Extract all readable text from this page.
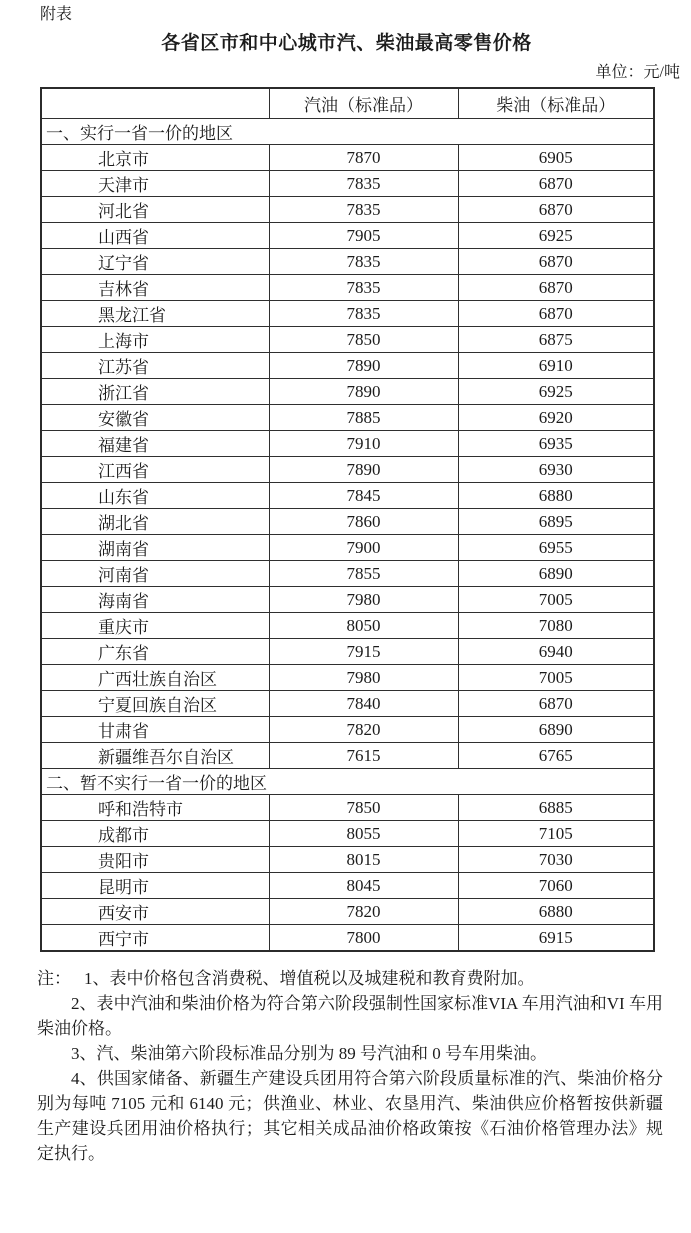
附表
各省区市和中心城市汽、柴油最高零售价格
单位：元/吨
	汽油（标准品）	柴油（标准品）
一、实行一省一价的地区		
北京市	7870	6905
天津市	7835	6870
河北省	7835	6870
山西省	7905	6925
辽宁省	7835	6870
吉林省	7835	6870
黑龙江省	7835	6870
上海市	7850	6875
江苏省	7890	6910
浙江省	7890	6925
安徽省	7885	6920
福建省	7910	6935
江西省	7890	6930
山东省	7845	6880
湖北省	7860	6895
湖南省	7900	6955
河南省	7855	6890
海南省	7980	7005
重庆市	8050	7080
广东省	7915	6940
广西壮族自治区	7980	7005
宁夏回族自治区	7840	6870
甘肃省	7820	6890
新疆维吾尔自治区	7615	6765
二、暂不实行一省一价的地区		
呼和浩特市	7850	6885
成都市	8055	7105
贵阳市	8015	7030
昆明市	8045	7060
西安市	7820	6880
西宁市	7800	6915

注： 1、表中价格包含消费税、增值税以及城建税和教育费附加。

2、表中汽油和柴油价格为符合第六阶段强制性国家标准VIA 车用汽油和VI 车用柴油价格。

3、汽、柴油第六阶段标准品分别为 89 号汽油和 0 号车用柴油。

4、供国家储备、新疆生产建设兵团用符合第六阶段质量标准的汽、柴油价格分别为每吨 7105 元和 6140 元；供渔业、林业、农垦用汽、柴油供应价格暂按供新疆生产建设兵团用油价格执行；其它相关成品油价格政策按《石油价格管理办法》规定执行。
